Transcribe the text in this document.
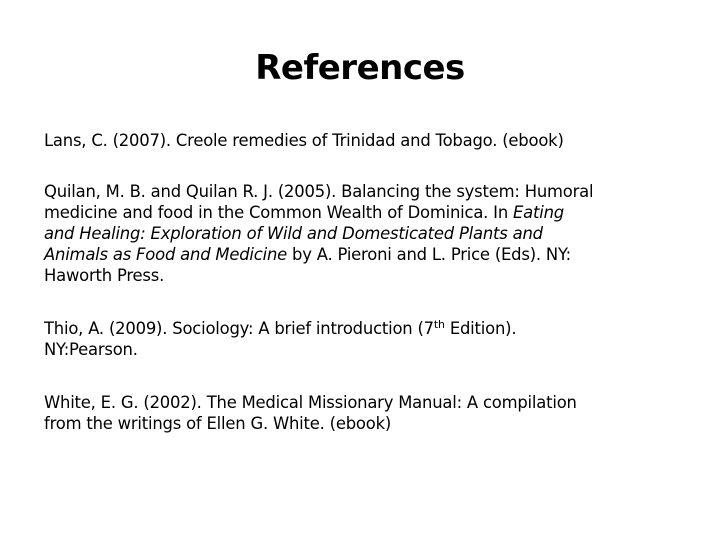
References
Lans, C. (2007). Creole remedies of Trinidad and Tobago. (ebook)
Quilan, M. B. and Quilan R. J. (2005). Balancing the system: Humoral
medicine and food in the Common Wealth of Dominica. In Eating
and Healing: Exploration of Wild and Domesticated Plants and
Animals as Food and Medicine by A. Pieroni and L. Price (Eds). NY:
Haworth Press.
Thio, A. (2009). Sociology: A brief introduction (7th Edition).
NY:Pearson.
White, E. G. (2002). The Medical Missionary Manual: A compilation
from the writings of Ellen G. White. (ebook)
